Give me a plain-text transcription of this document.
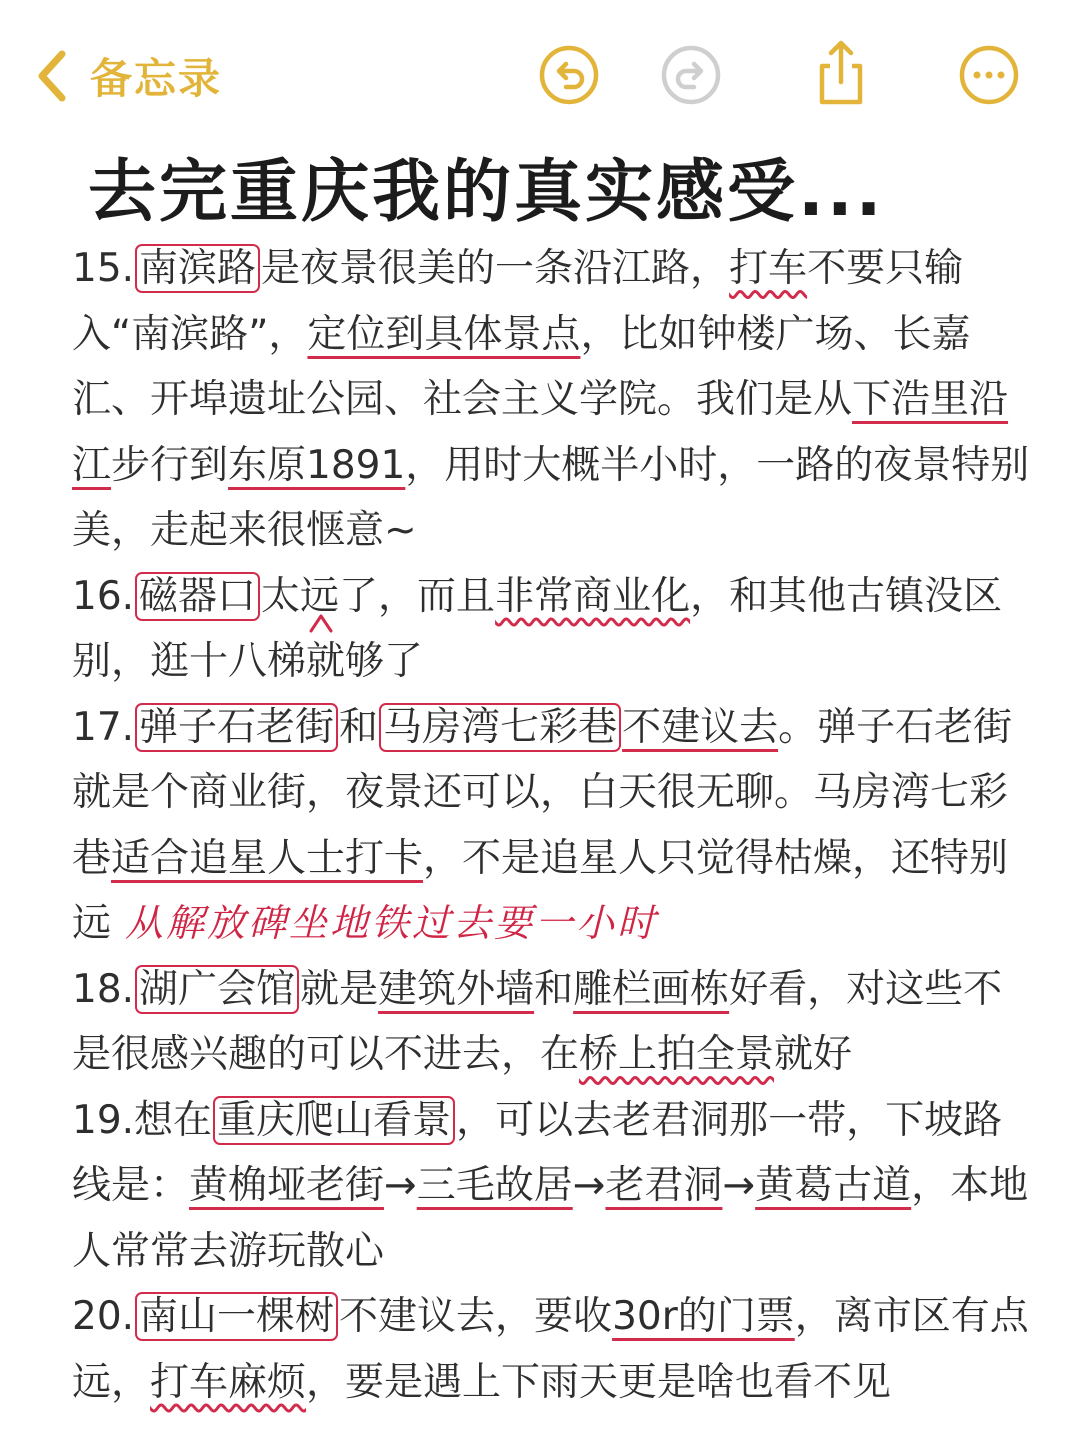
备忘录
去完重庆我的真实感受...

15. 南滨路 是夜景很美的一条沿江路，打车不要只输入“南滨路”，定位到具体景点，比如钟楼广场、长嘉汇、开埠遗址公园、社会主义学院。我们是从下浩里沿江步行到东原1891，用时大概半小时，一路的夜景特别美，走起来很惬意~

16. 磁器口 太远了，而且非常商业化，和其他古镇没区别，逛十八梯就够了

17. 弹子石老街 和 马房湾七彩巷 不建议去。弹子石老街就是个商业街，夜景还可以，白天很无聊。马房湾七彩巷适合追星人士打卡，不是追星人只觉得枯燥，还特别远 从解放碑坐地铁过去要一小时

18. 湖广会馆 就是建筑外墙和雕栏画栋好看，对这些不是很感兴趣的可以不进去，在桥上拍全景就好

19.想在 重庆爬山看景 ，可以去老君洞那一带，下坡路线是：黄桷垭老街→三毛故居→老君洞→黄葛古道，本地人常常去游玩散心

20. 南山一棵树 不建议去，要收30r的门票，离市区有点远，打车麻烦，要是遇上下雨天更是啥也看不见
